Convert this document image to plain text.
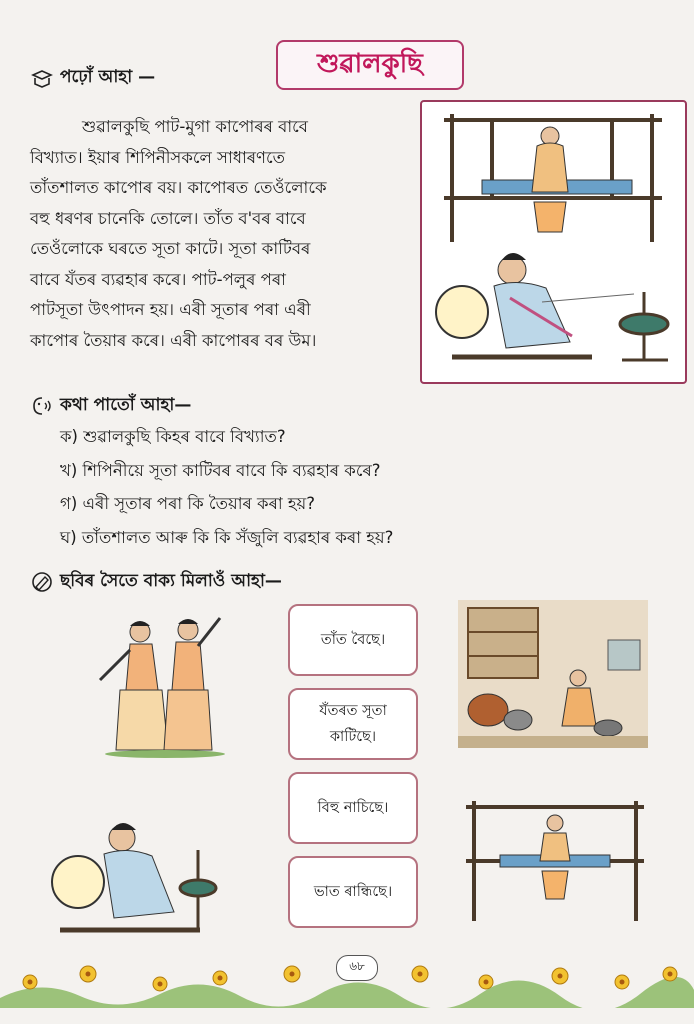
শুৱালকুছি
পঢ়োঁ আহা —
শুৱালকুছি পাট-মুগা কাপোৰৰ বাবে
বিখ্যাত। ইয়াৰ শিপিনীসকলে সাধাৰণতে
তাঁতশালত কাপোৰ বয়। কাপোৰত তেওঁলোকে
বহু ধৰণৰ চানেকি তোলে। তাঁত ব'বৰ বাবে
তেওঁলোকে ঘৰতে সূতা কাটে। সূতা কাটিবৰ
বাবে যঁতৰ ব্যৱহাৰ কৰে। পাট-পলুৰ পৰা
পাটসূতা উৎপাদন হয়। এৰী সূতাৰ পৰা এৰী
কাপোৰ তৈয়াৰ কৰে। এৰী কাপোৰৰ বৰ উম।
কথা পাতোঁ আহা—
ক) শুৱালকুছি কিহৰ বাবে বিখ্যাত?
খ) শিপিনীয়ে সূতা কাটিবৰ বাবে কি ব্যৱহাৰ কৰে?
গ) এৰী সূতাৰ পৰা কি তৈয়াৰ কৰা হয়?
ঘ) তাঁতশালত আৰু কি কি সঁজুলি ব্যৱহাৰ কৰা হয়?
ছবিৰ সৈতে বাক্য মিলাওঁ আহা—
তাঁত বৈছে।
যঁতৰত সূতা কাটিছে।
বিহু নাচিছে।
ভাত ৰান্ধিছে।
৬৮
